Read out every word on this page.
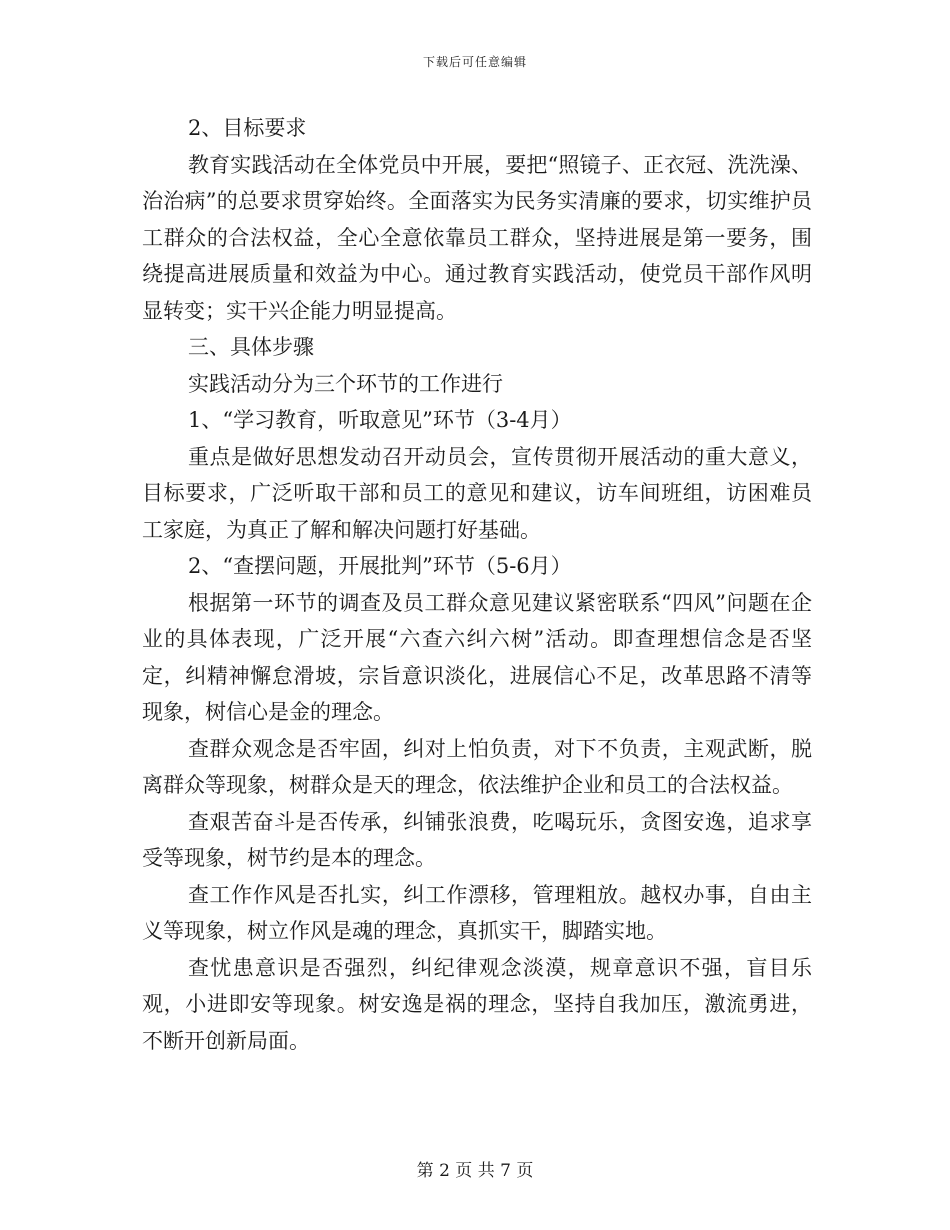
下载后可任意编辑

2、目标要求

教育实践活动在全体党员中开展，要把“照镜子、正衣冠、洗洗澡、治治病”的总要求贯穿始终。全面落实为民务实清廉的要求，切实维护员工群众的合法权益，全心全意依靠员工群众，坚持进展是第一要务，围绕提高进展质量和效益为中心。通过教育实践活动，使党员干部作风明显转变；实干兴企能力明显提高。

三、具体步骤

实践活动分为三个环节的工作进行

1、“学习教育，听取意见”环节（3-4月）

重点是做好思想发动召开动员会，宣传贯彻开展活动的重大意义，目标要求，广泛听取干部和员工的意见和建议，访车间班组，访困难员工家庭，为真正了解和解决问题打好基础。

2、“查摆问题，开展批判”环节（5-6月）

根据第一环节的调查及员工群众意见建议紧密联系“四风”问题在企业的具体表现，广泛开展“六查六纠六树”活动。即查理想信念是否坚定，纠精神懈怠滑坡，宗旨意识淡化，进展信心不足，改革思路不清等现象，树信心是金的理念。

查群众观念是否牢固，纠对上怕负责，对下不负责，主观武断，脱离群众等现象，树群众是天的理念，依法维护企业和员工的合法权益。

查艰苦奋斗是否传承，纠铺张浪费，吃喝玩乐，贪图安逸，追求享受等现象，树节约是本的理念。

查工作作风是否扎实，纠工作漂移，管理粗放。越权办事，自由主义等现象，树立作风是魂的理念，真抓实干，脚踏实地。

查忧患意识是否强烈，纠纪律观念淡漠，规章意识不强，盲目乐观，小进即安等现象。树安逸是祸的理念，坚持自我加压，激流勇进，不断开创新局面。

第 2 页 共 7 页
